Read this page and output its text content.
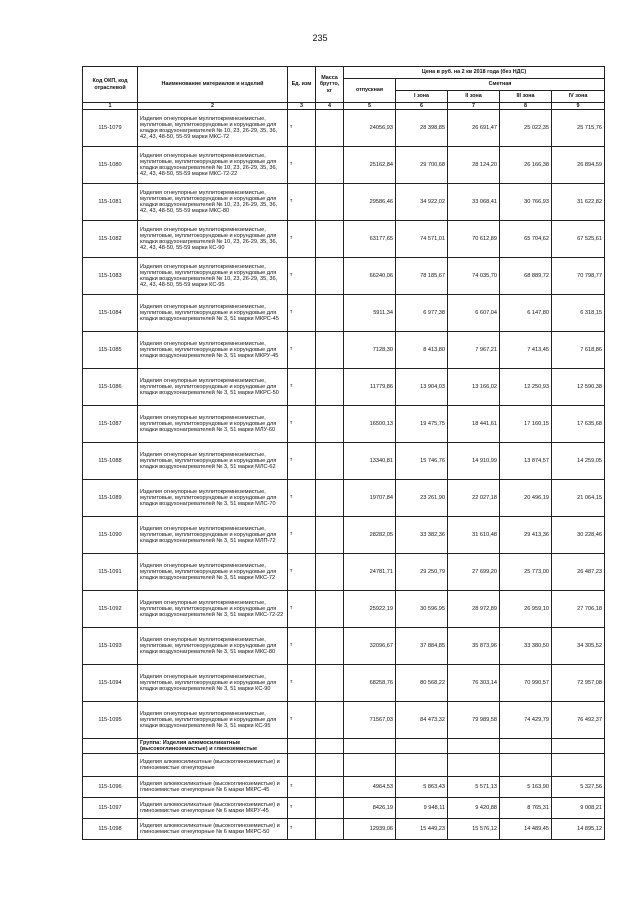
235
Код ОКП, код отраслевой	Наименование материалов и изделий	Ед. изм	Масса брутто, кг	Цена в руб. на 2 кв 2018 года (без НДС)				
				отпускная	Сметная			
					I зона	II зона	III зона	IV зона
1	2	3	4	5	6	7	8	9
115-1079	Изделия огнеупорные муллитокремнеземистые, муллитовые, муллитокорундовые и корундовые для кладки воздухонагревателей № 10, 23, 26-29, 35, 36, 42, 43, 48-50, 55-59 марки МКС-72	т		24056,93	28 398,85	26 691,47	25 022,35	25 715,76
115-1080	Изделия огнеупорные муллитокремнеземистые, муллитовые, муллитокорундовые и корундовые для кладки воздухонагревателей № 10, 23, 26-29, 35, 36, 42, 43, 48-50, 55-59 марки МКС-72-22	т		25162,84	29 700,68	28 124,20	26 166,38	26 894,59
115-1081	Изделия огнеупорные муллитокремнеземистые, муллитовые, муллитокорундовые и корундовые для кладки воздухонагревателей № 10, 23, 26-29, 35, 36, 42, 43, 48-50, 55-59 марки МКС-80	т		29586,46	34 922,02	33 068,41	30 766,93	31 622,82
115-1082	Изделия огнеупорные муллитокремнеземистые, муллитовые, муллитокорундовые и корундовые для кладки воздухонагревателей № 10, 23, 26-29, 35, 36, 42, 43, 48-50, 55-59 марки КС-90	т		63177,65	74 571,01	70 612,89	65 704,62	67 525,61
115-1083	Изделия огнеупорные муллитокремнеземистые, муллитовые, муллитокорундовые и корундовые для кладки воздухонагревателей № 10, 23, 26-29, 35, 36, 42, 43, 48-50, 55-59 марки КС-95	т		66240,06	78 185,67	74 035,70	68 889,72	70 798,77
115-1084	Изделия огнеупорные муллитокремнеземистые, муллитовые, муллитокорундовые и корундовые для кладки воздухонагревателей № 3, 51 марки МКРС-45	т		5911,34	6 977,38	6 607,04	6 147,80	6 318,15
115-1085	Изделия огнеупорные муллитокремнеземистые, муллитовые, муллитокорундовые и корундовые для кладки воздухонагревателей № 3, 51 марки МКРУ-45	т		7128,30	8 413,80	7 967,21	7 413,45	7 618,86
115-1086	Изделия огнеупорные муллитокремнеземистые, муллитовые, муллитокорундовые и корундовые для кладки воздухонагревателей № 3, 51 марки МКРС-50	т		11779,86	13 904,03	13 166,02	12 250,93	12 590,38
115-1087	Изделия огнеупорные муллитокремнеземистые, муллитовые, муллитокорундовые и корундовые для кладки воздухонагревателей № 3, 51 марки МЛУ-60	т		16500,13	19 475,75	18 441,61	17 160,15	17 635,68
115-1088	Изделия огнеупорные муллитокремнеземистые, муллитовые, муллитокорундовые и корундовые для кладки воздухонагревателей № 3, 51 марки МЛС-62	т		13340,81	15 746,76	14 910,99	13 874,57	14 259,05
115-1089	Изделия огнеупорные муллитокремнеземистые, муллитовые, муллитокорундовые и корундовые для кладки воздухонагревателей № 3, 51 марки МЛС-70	т		19707,84	23 261,90	22 027,18	20 496,19	21 064,15
115-1090	Изделия огнеупорные муллитокремнеземистые, муллитовые, муллитокорундовые и корундовые для кладки воздухонагревателей № 3, 51 марки МЛП-72	т		28282,05	33 382,36	31 610,48	29 413,36	30 228,46
115-1091	Изделия огнеупорные муллитокремнеземистые, муллитовые, муллитокорундовые и корундовые для кладки воздухонагревателей № 3, 51 марки МКС-72	т		24781,71	29 250,79	27 699,20	25 773,00	26 487,23
115-1092	Изделия огнеупорные муллитокремнеземистые, муллитовые, муллитокорундовые и корундовые для кладки воздухонагревателей № 3, 51 марки МКС-72-22	т		25922,19	30 596,95	28 972,89	26 959,10	27 706,18
115-1093	Изделия огнеупорные муллитокремнеземистые, муллитовые, муллитокорундовые и корундовые для кладки воздухонагревателей № 3, 51 марки МКС-80	т		32096,67	37 884,85	35 873,96	33 380,50	34 305,52
115-1094	Изделия огнеупорные муллитокремнеземистые, муллитовые, муллитокорундовые и корундовые для кладки воздухонагревателей № 3, 51 марки КС-90	т		68258,76	80 568,22	76 303,14	70 990,57	72 957,08
115-1095	Изделия огнеупорные муллитокремнеземистые, муллитовые, муллитокорундовые и корундовые для кладки воздухонагревателей № 3, 51 марки КС-95	т		71567,03	84 473,32	79 989,58	74 429,79	76 492,37
	Группа: Изделия алюмосиликатные (высокоглиноземистые) и глиноземистые							
	Изделия алюмосиликатные (высокоглиноземистые) и глиноземистые огнеупорные							
115-1096	Изделия алюмосиликатные (высокоглиноземистые) и глиноземистые огнеупорные № 6 марки МКРС-45	т		4964,53	5 863,43	5 571,13	5 163,90	5 327,56
115-1097	Изделия алюмосиликатные (высокоглиноземистые) и глиноземистые огнеупорные № 6 марки МКРУ-45	т		8426,19	9 948,11	9 420,88	8 765,31	9 008,21
115-1098	Изделия алюмосиликатные (высокоглиноземистые) и глиноземистые огнеупорные № 6 марки МКРС-50	т		12939,06	15 449,23	15 576,12	14 489,45	14 895,12
